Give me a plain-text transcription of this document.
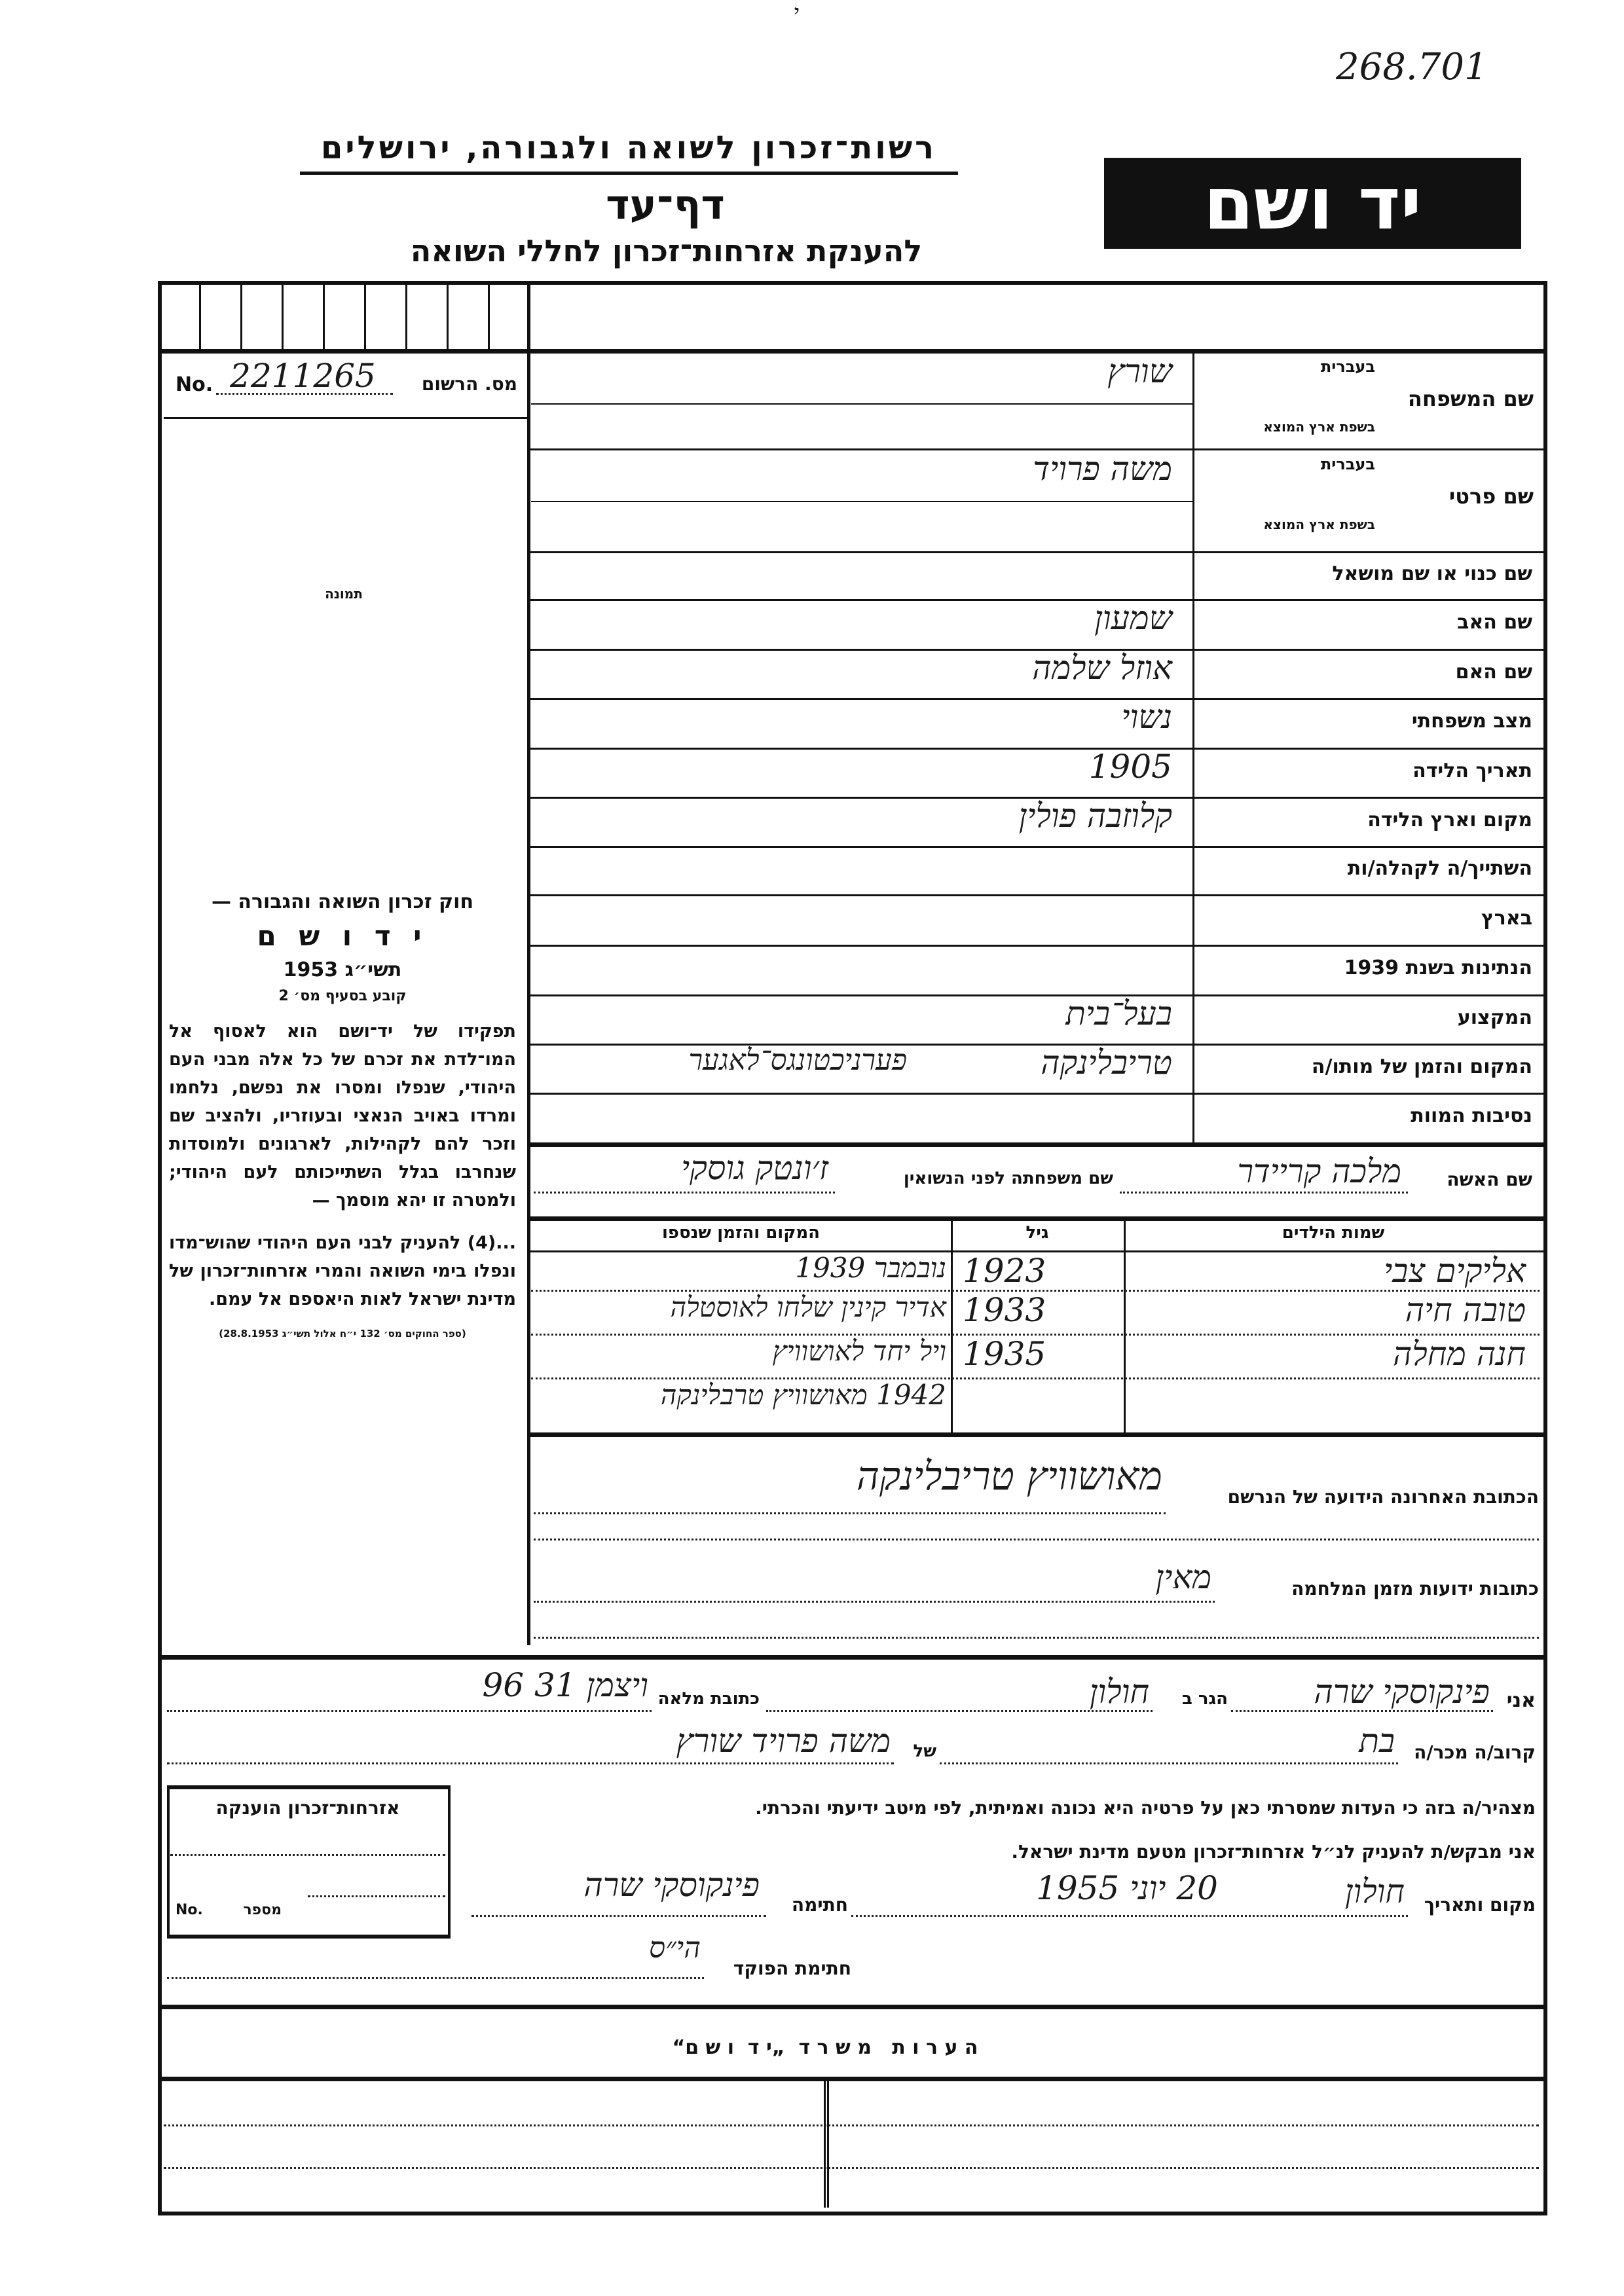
268.701
י
רשות־זכרון לשואה ולגבורה, ירושלים
דף־עד
להענקת אזרחות־זכרון לחללי השואה
יד ושם
No. 2211265	מס. הרשום
תמונה
חוק זכרון השואה והגבורה —
י ד ו ש ם
תשי״ג 1953
קובע בסעיף מס׳ 2
תפקידו של יד־ושם הוא לאסוף אל המו־לדת את זכרם של כל אלה מבני העם היהודי, שנפלו ומסרו את נפשם, נלחמו ומרדו באויב הנאצי ובעוזריו, ולהציב שם וזכר להם לקהילות, לארגונים ולמוסדות שנחרבו בגלל השתייכותם לעם היהודי; ולמטרה זו יהא מוסמך —
...(4) להעניק לבני העם היהודי שהוש־מדו ונפלו בימי השואה והמרי אזרחות־זכרון של מדינת ישראל לאות היאספם אל עמם.
(ספר החוקים מס׳ 132 י״ח אלול תשי״ג 28.8.1953)
בעברית
שם המשפחה
בשפת ארץ המוצא
שורץ
בעברית
שם פרטי
בשפת ארץ המוצא
משה פרויד
שם כנוי או שם מושאל
שם האב
שמעון
שם האם
אוזל שלמה
מצב משפחתי
נשוי
תאריך הלידה
1905
מקום וארץ הלידה
קלוזבה פולין
השתייך/ה לקהלה/ות
בארץ
הנתינות בשנת 1939
המקצוע
בעל־בית
המקום והזמן של מותו/ה
טריבלינקה
פערניכטונגס־לאגער
נסיבות המוות
שם האשה
מלכה קריידר
שם משפחתה לפני הנשואין
ז׳ונטק גוסקי
שמות הילדים
גיל
המקום והזמן שנספו
אליקים צבי
1923
נובמבר 1939
טובה חיה
1933
אדיר קינין שלחו לאוסטלה
חנה מחלה
1935
ויל יחד לאושוויץ
1942 מאושוויץ טרבלינקה
הכתובת האחרונה הידועה של הנרשם
מאושוויץ טריבלינקה
כתובות ידועות מזמן המלחמה
מאין
אני
פינקוסקי שרה
הגר ב
חולון
כתובת מלאה
ויצמן 31 96
קרוב/ה מכר/ה
בת
של
משה פרויד שורץ
מצהיר/ה בזה כי העדות שמסרתי כאן על פרטיה היא נכונה ואמיתית, לפי מיטב ידיעתי והכרתי.
אני מבקש/ת להעניק לנ״ל אזרחות־זכרון מטעם מדינת ישראל.
מקום ותאריך
חולון
20 יוני 1955
חתימה
פינקוסקי שרה
חתימת הפוקד
הי״ס
אזרחות־זכרון הוענקה
No.	מספר
ה ע ר ו ת   מ ש ר ד  „י ד  ו ש ם“
